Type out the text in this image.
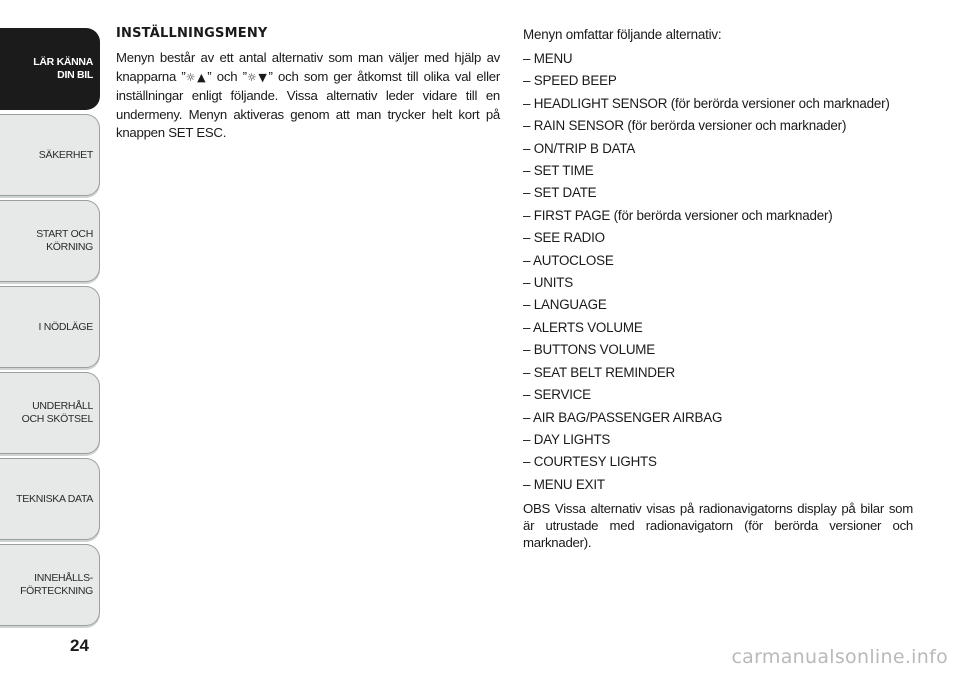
LÄR KÄNNA
DIN BIL
SÄKERHET
START OCH
KÖRNING
I NÖDLÄGE
UNDERHÅLL
OCH SKÖTSEL
TEKNISKA DATA
INNEHÅLLS-
FÖRTECKNING
24
INSTÄLLNINGSMENY

Menyn består av ett antal alternativ som man väljer med hjälp av knapparna ”☼▲” och ”☼▼” och som ger åtkomst till olika val eller inställningar enligt följande. Vissa alternativ leder vidare till en undermeny. Menyn aktiveras genom att man trycker helt kort på knappen SET ESC.

Menyn omfattar följande alternativ:

– MENU
– SPEED BEEP
– HEADLIGHT SENSOR (för berörda versioner och marknader)
– RAIN SENSOR (för berörda versioner och marknader)
– ON/TRIP B DATA
– SET TIME
– SET DATE
– FIRST PAGE (för berörda versioner och marknader)
– SEE RADIO
– AUTOCLOSE
– UNITS
– LANGUAGE
– ALERTS VOLUME
– BUTTONS VOLUME
– SEAT BELT REMINDER
– SERVICE
– AIR BAG/PASSENGER AIRBAG
– DAY LIGHTS
– COURTESY LIGHTS
– MENU EXIT

OBS Vissa alternativ visas på radionavigatorns display på bilar som är utrustade med radionavigatorn (för berörda versioner och marknader).

carmanualsonline.info
